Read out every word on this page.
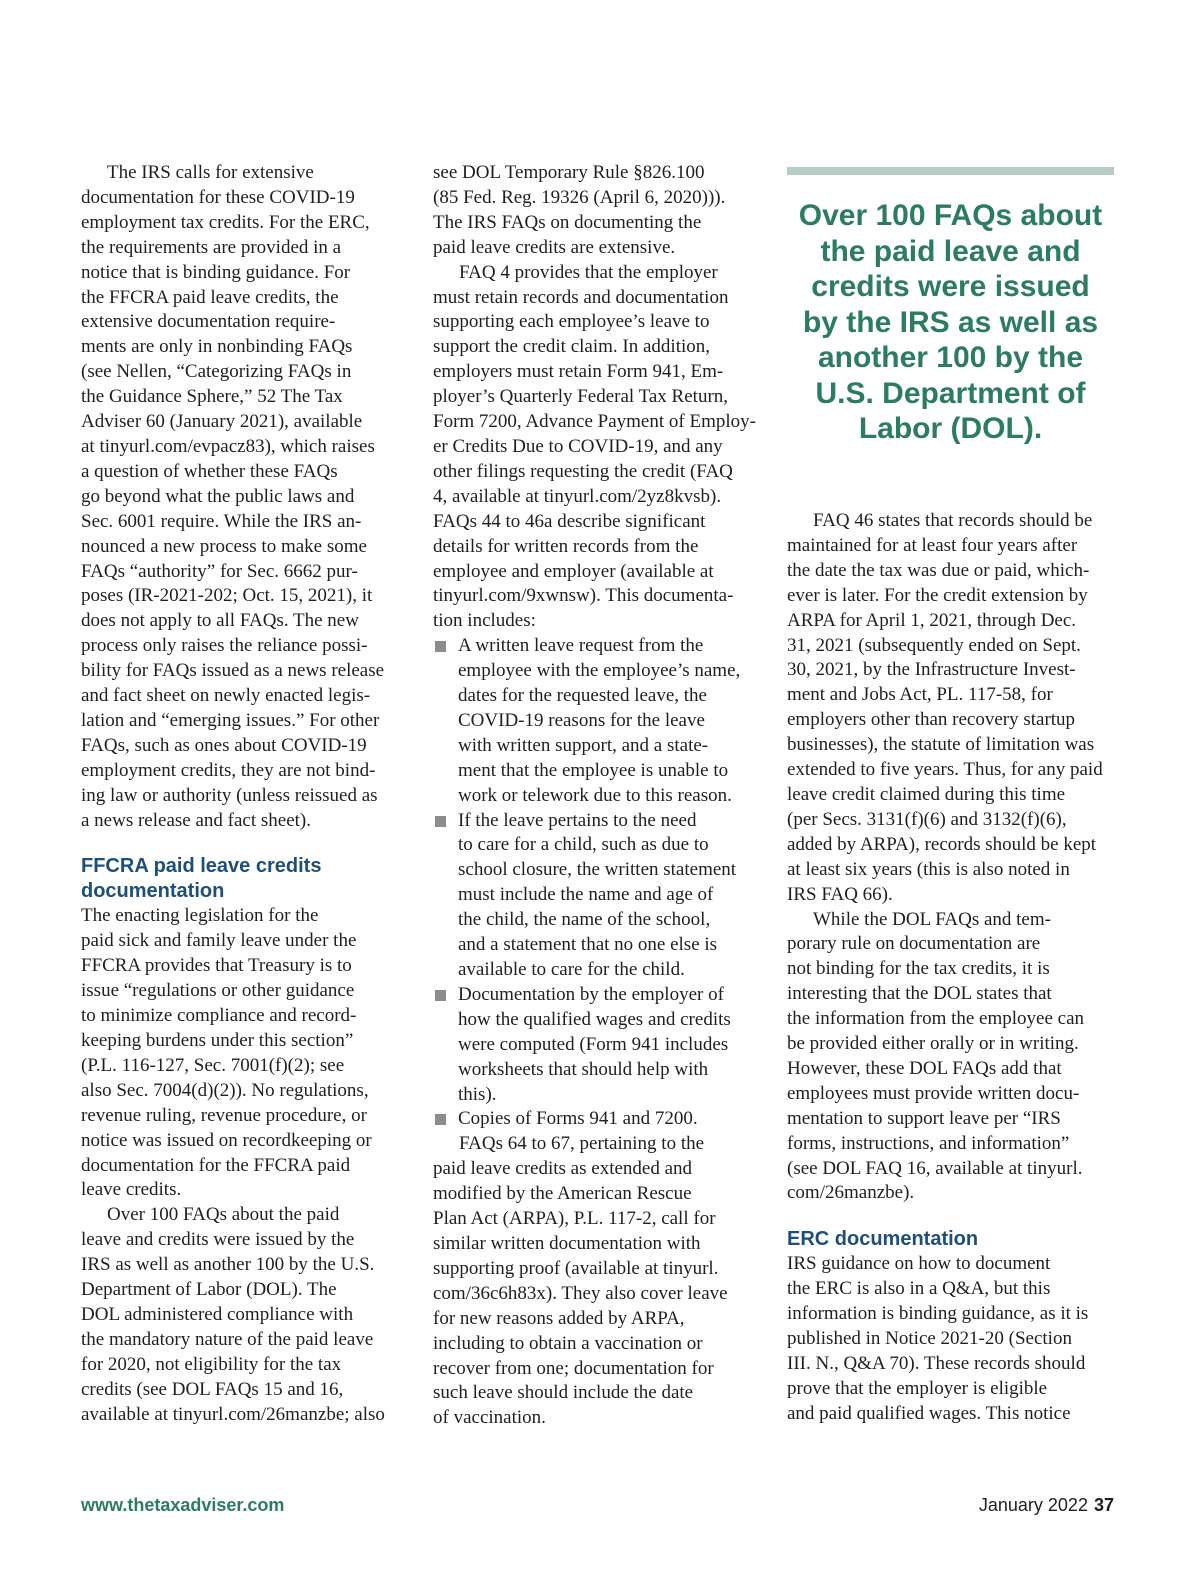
The IRS calls for extensive
documentation for these COVID-19
employment tax credits. For the ERC,
the requirements are provided in a
notice that is binding guidance. For
the FFCRA paid leave credits, the
extensive documentation require-
ments are only in nonbinding FAQs
(see Nellen, “Categorizing FAQs in
the Guidance Sphere,” 52 The Tax
Adviser 60 (January 2021), available
at tinyurl.com/evpacz83), which raises
a question of whether these FAQs
go beyond what the public laws and
Sec. 6001 require. While the IRS an-
nounced a new process to make some
FAQs “authority” for Sec. 6662 pur-
poses (IR-2021-202; Oct. 15, 2021), it
does not apply to all FAQs. The new
process only raises the reliance possi-
bility for FAQs issued as a news release
and fact sheet on newly enacted legis-
lation and “emerging issues.” For other
FAQs, such as ones about COVID-19
employment credits, they are not bind-
ing law or authority (unless reissued as
a news release and fact sheet).

FFCRA paid leave credits
documentation

The enacting legislation for the
paid sick and family leave under the
FFCRA provides that Treasury is to
issue “regulations or other guidance
to minimize compliance and record-
keeping burdens under this section”
(P.L. 116-127, Sec. 7001(f)(2); see
also Sec. 7004(d)(2)). No regulations,
revenue ruling, revenue procedure, or
notice was issued on recordkeeping or
documentation for the FFCRA paid
leave credits.

Over 100 FAQs about the paid
leave and credits were issued by the
IRS as well as another 100 by the U.S.
Department of Labor (DOL). The
DOL administered compliance with
the mandatory nature of the paid leave
for 2020, not eligibility for the tax
credits (see DOL FAQs 15 and 16,
available at tinyurl.com/26manzbe; also

see DOL Temporary Rule §826.100
(85 Fed. Reg. 19326 (April 6, 2020))).
The IRS FAQs on documenting the
paid leave credits are extensive.

FAQ 4 provides that the employer
must retain records and documentation
supporting each employee’s leave to
support the credit claim. In addition,
employers must retain Form 941, Em-
ployer’s Quarterly Federal Tax Return,
Form 7200, Advance Payment of Employ-
er Credits Due to COVID-19, and any
other filings requesting the credit (FAQ
4, available at tinyurl.com/2yz8kvsb).
FAQs 44 to 46a describe significant
details for written records from the
employee and employer (available at
tinyurl.com/9xwnsw). This documenta-
tion includes:

A written leave request from the
employee with the employee’s name,
dates for the requested leave, the
COVID-19 reasons for the leave
with written support, and a state-
ment that the employee is unable to
work or telework due to this reason.
If the leave pertains to the need
to care for a child, such as due to
school closure, the written statement
must include the name and age of
the child, the name of the school,
and a statement that no one else is
available to care for the child.
Documentation by the employer of
how the qualified wages and credits
were computed (Form 941 includes
worksheets that should help with
this).
Copies of Forms 941 and 7200.

FAQs 64 to 67, pertaining to the
paid leave credits as extended and
modified by the American Rescue
Plan Act (ARPA), P.L. 117-2, call for
similar written documentation with
supporting proof (available at tinyurl.
com/36c6h83x). They also cover leave
for new reasons added by ARPA,
including to obtain a vaccination or
recover from one; documentation for
such leave should include the date
of vaccination.

Over 100 FAQs about
the paid leave and
credits were issued
by the IRS as well as
another 100 by the
U.S. Department of
Labor (DOL).

FAQ 46 states that records should be
maintained for at least four years after
the date the tax was due or paid, which-
ever is later. For the credit extension by
ARPA for April 1, 2021, through Dec.
31, 2021 (subsequently ended on Sept.
30, 2021, by the Infrastructure Invest-
ment and Jobs Act, PL. 117-58, for
employers other than recovery startup
businesses), the statute of limitation was
extended to five years. Thus, for any paid
leave credit claimed during this time
(per Secs. 3131(f)(6) and 3132(f)(6),
added by ARPA), records should be kept
at least six years (this is also noted in
IRS FAQ 66).

While the DOL FAQs and tem-
porary rule on documentation are
not binding for the tax credits, it is
interesting that the DOL states that
the information from the employee can
be provided either orally or in writing.
However, these DOL FAQs add that
employees must provide written docu-
mentation to support leave per “IRS
forms, instructions, and information”
(see DOL FAQ 16, available at tinyurl.
com/26manzbe).

ERC documentation

IRS guidance on how to document
the ERC is also in a Q&A, but this
information is binding guidance, as it is
published in Notice 2021-20 (Section
III. N., Q&A 70). These records should
prove that the employer is eligible
and paid qualified wages. This notice

www.thetaxadviser.com	January 2022 37
